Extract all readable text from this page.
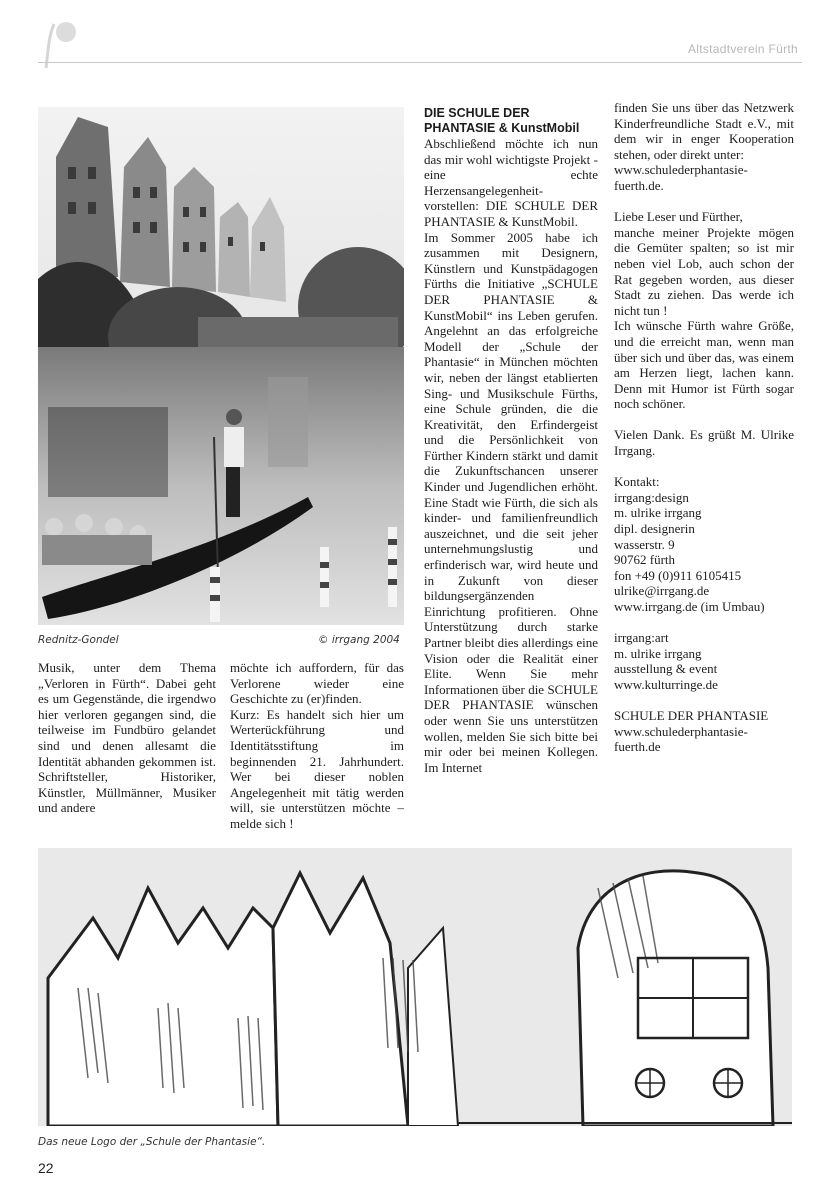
Altstadtverein Fürth
Rednitz-Gondel	© irrgang 2004

Musik, unter dem Thema „Verloren in Fürth“. Dabei geht es um Gegenstände, die irgendwo hier verloren gegangen sind, die teilweise im Fundbüro gelandet sind und denen allesamt die Identität abhanden gekommen ist. Schriftsteller, Historiker, Künstler, Müllmänner, Musiker und andere

möchte ich auffordern, für das Verlorene wieder eine Geschichte zu (er)finden.

Kurz: Es handelt sich hier um Werterückführung und Identitätsstiftung im beginnenden 21. Jahrhundert. Wer bei dieser noblen Angelegenheit mit tätig werden will, sie unterstützen möchte – melde sich !

DIE SCHULE DER PHANTASIE & KunstMobil

Abschließend möchte ich nun das mir wohl wichtigste Projekt - eine echte Herzensangelegenheit- vorstellen: DIE SCHULE DER PHANTASIE & KunstMobil.

Im Sommer 2005 habe ich zusammen mit Designern, Künstlern und Kunstpädagogen Fürths die Initiative „SCHULE DER PHANTASIE & KunstMobil“ ins Leben gerufen. Angelehnt an das erfolgreiche Modell der „Schule der Phantasie“ in München möchten wir, neben der längst etablierten Sing- und Musikschule Fürths, eine Schule gründen, die die Kreativität, den Erfindergeist und die Persönlichkeit von Fürther Kindern stärkt und damit die Zukunftschancen unserer Kinder und Jugendlichen erhöht. Eine Stadt wie Fürth, die sich als kinder- und familienfreundlich auszeichnet, und die seit jeher unternehmungslustig und erfinderisch war, wird heute und in Zukunft von dieser bildungsergänzenden Einrichtung profitieren. Ohne Unterstützung durch starke Partner bleibt dies allerdings eine Vision oder die Realität einer Elite. Wenn Sie mehr Informationen über die SCHULE DER PHANTASIE wünschen oder wenn Sie uns unterstützen wollen, melden Sie sich bitte bei mir oder bei meinen Kollegen. Im Internet

finden Sie uns über das Netzwerk Kinderfreundliche Stadt e.V., mit dem wir in enger Kooperation stehen, oder direkt unter:

www.schulederphantasie-fuerth.de.

Liebe Leser und Fürther,

manche meiner Projekte mögen die Gemüter spalten; so ist mir neben viel Lob, auch schon der Rat gegeben worden, aus dieser Stadt zu ziehen. Das werde ich nicht tun !

Ich wünsche Fürth wahre Größe, und die erreicht man, wenn man über sich und über das, was einem am Herzen liegt, lachen kann. Denn mit Humor ist Fürth sogar noch schöner.

Vielen Dank. Es grüßt M. Ulrike Irrgang.

Kontakt:
irrgang:design
m. ulrike irrgang
dipl. designerin
wasserstr. 9
90762 fürth
fon +49 (0)911 6105415
ulrike@irrgang.de
www.irrgang.de (im Umbau)
irrgang:art
m. ulrike irrgang
ausstellung & event
www.kulturringe.de
SCHULE DER PHANTASIE
www.schulederphantasie-fuerth.de
Das neue Logo der „Schule der Phantasie“.
22
